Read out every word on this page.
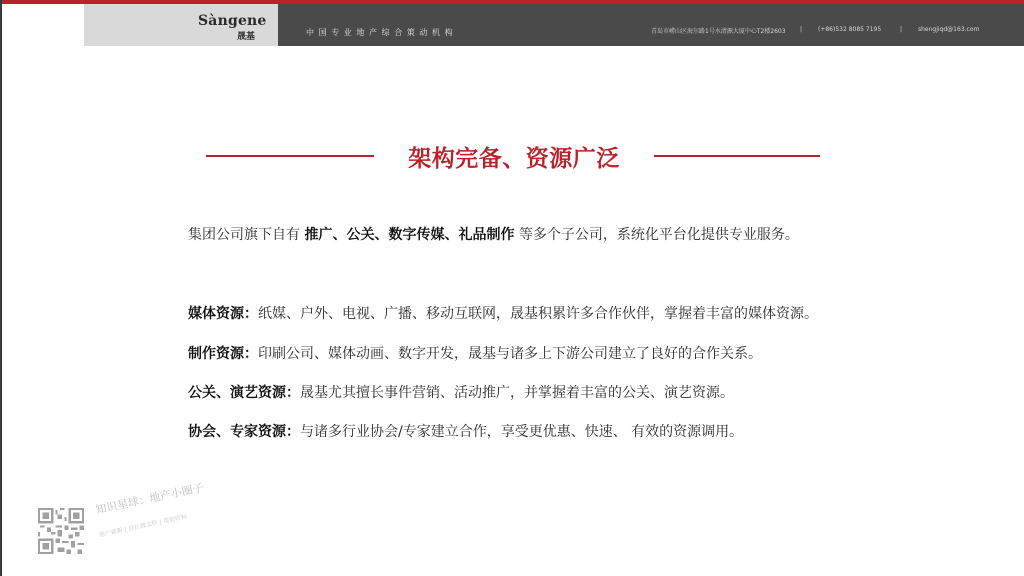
Sàngene
晟基	中国专业地产综合策动机构	青岛市崂山区海尔路1号水清源大厦中心T2楼2603 |	(+86)532 8085 7195	|	shengjiqd@163.com
架构完备、资源广泛
集团公司旗下自有 推广、公关、数字传媒、礼品制作 等多个子公司，系统化平台化提供专业服务。
媒体资源：纸媒、户外、电视、广播、移动互联网，晟基积累许多合作伙伴，掌握着丰富的媒体资源。
制作资源：印刷公司、媒体动画、数字开发，晟基与诸多上下游公司建立了良好的合作关系。
公关、演艺资源：晟基尤其擅长事件营销、活动推广，并掌握着丰富的公关、演艺资源。
协会、专家资源：与诸多行业协会/专家建立合作，享受更优惠、快速、 有效的资源调用。
知识星球：地产小圈子
地产最新 | 设计源文件 | 策划资料
